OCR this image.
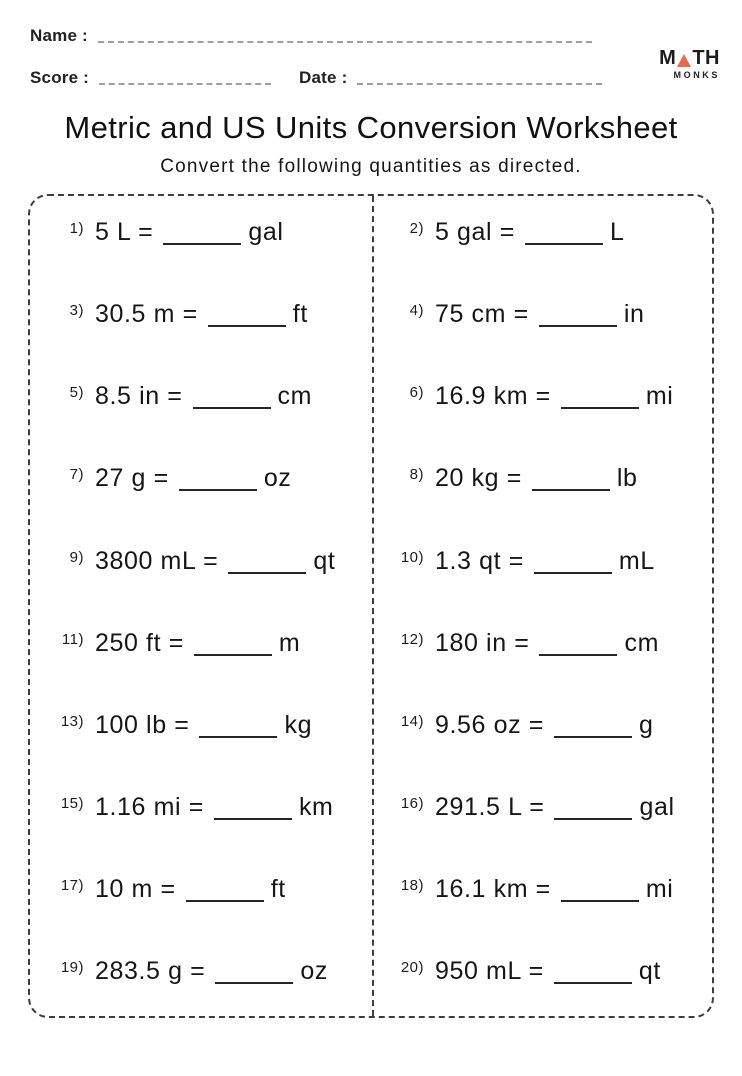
Name :
Score :	Date :
M TH
MONKS
Metric and US Units Conversion Worksheet
Convert the following quantities as directed.
1) 5 L =	gal
3) 30.5 m =	ft
5) 8.5 in =	cm
7) 27 g =	oz
9) 3800 mL =	qt
11) 250 ft =	m
13) 100 lb =	kg
15) 1.16 mi =	km
17) 10 m =	ft
19) 283.5 g =	oz
2) 5 gal =	L
4) 75 cm =	in
6) 16.9 km =	mi
8) 20 kg =	lb
10) 1.3 qt =	mL
12) 180 in =	cm
14) 9.56 oz =	g
16) 291.5 L =	gal
18) 16.1 km =	mi
20) 950 mL =	qt
